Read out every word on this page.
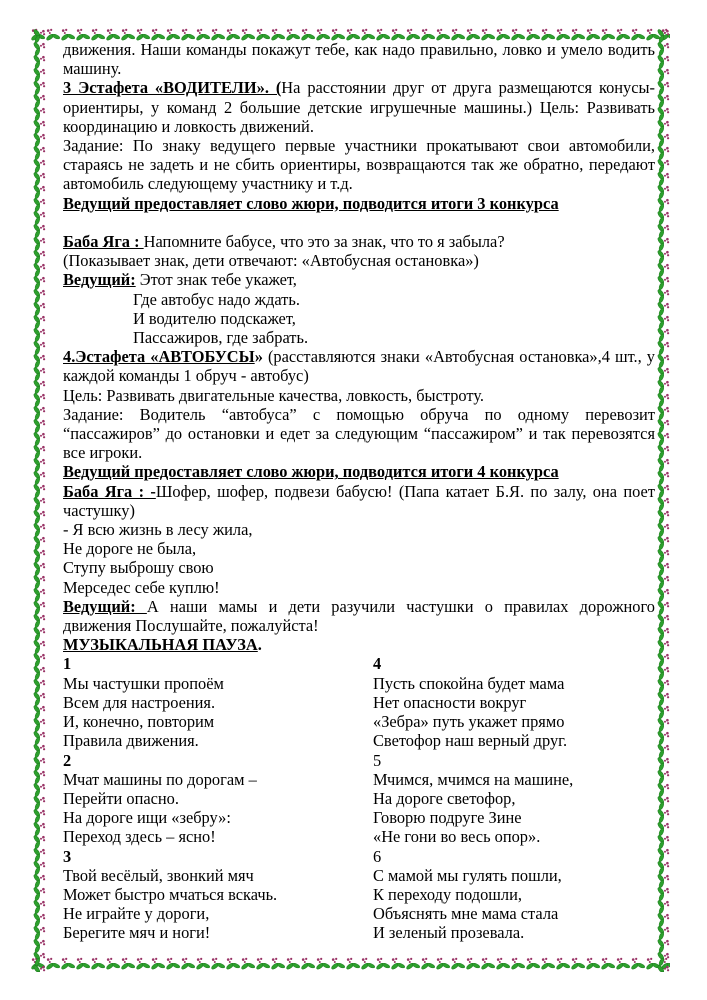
движения. Наши команды покажут тебе, как надо правильно, ловко и умело водить машину.
3 Эстафета «ВОДИТЕЛИ». (На расстоянии друг от друга размещаются конусы-ориентиры, у команд 2 большие детские игрушечные машины.) Цель: Развивать координацию и ловкость движений.
Задание: По знаку ведущего первые участники прокатывают свои автомобили, стараясь не задеть и не сбить ориентиры, возвращаются так же обратно, передают автомобиль следующему участнику и т.д.
Ведущий предоставляет слово жюри, подводится итоги 3 конкурса
Баба Яга : Напомните бабусе, что это за знак, что то я забыла?
(Показывает знак, дети отвечают: «Автобусная остановка»)
Ведущий: Этот знак тебе укажет,
Где автобус надо ждать.
И водителю подскажет,
Пассажиров, где забрать.
4.Эстафета «АВТОБУСЫ» (расставляются знаки «Автобусная остановка»,4 шт., у каждой команды 1 обруч - автобус)
Цель: Развивать двигательные качества, ловкость, быстроту.
Задание: Водитель “автобуса” с помощью обруча по одному перевозит “пассажиров” до остановки и едет за следующим “пассажиром” и так перевозятся все игроки.
Ведущий предоставляет слово жюри, подводится итоги 4 конкурса
Баба Яга : -Шофер, шофер, подвези бабусю! (Папа катает Б.Я. по залу, она поет частушку)
- Я всю жизнь в лесу жила,
Не дороге не была,
Ступу выброшу свою
Мерседес себе куплю!
Ведущий: А наши мамы и дети разучили частушки о правилах дорожного движения Послушайте, пожалуйста!
МУЗЫКАЛЬНАЯ ПАУЗА.
1
Мы частушки пропоём
Всем для настроения.
И, конечно, повторим
Правила движения.
2
Мчат машины по дорогам –
Перейти опасно.
На дороге ищи «зебру»:
Переход здесь – ясно!
3
Твой весёлый, звонкий мяч
Может быстро мчаться вскачь.
Не играйте у дороги,
Берегите мяч и ноги!
4
Пусть спокойна будет мама
Нет опасности вокруг
«Зебра» путь укажет прямо
Светофор наш верный друг.
5
Мчимся, мчимся на машине,
На дороге светофор,
Говорю подруге Зине
«Не гони во весь опор».
6
С мамой мы гулять пошли,
К переходу подошли,
Объяснять мне мама стала
И зеленый прозевала.
